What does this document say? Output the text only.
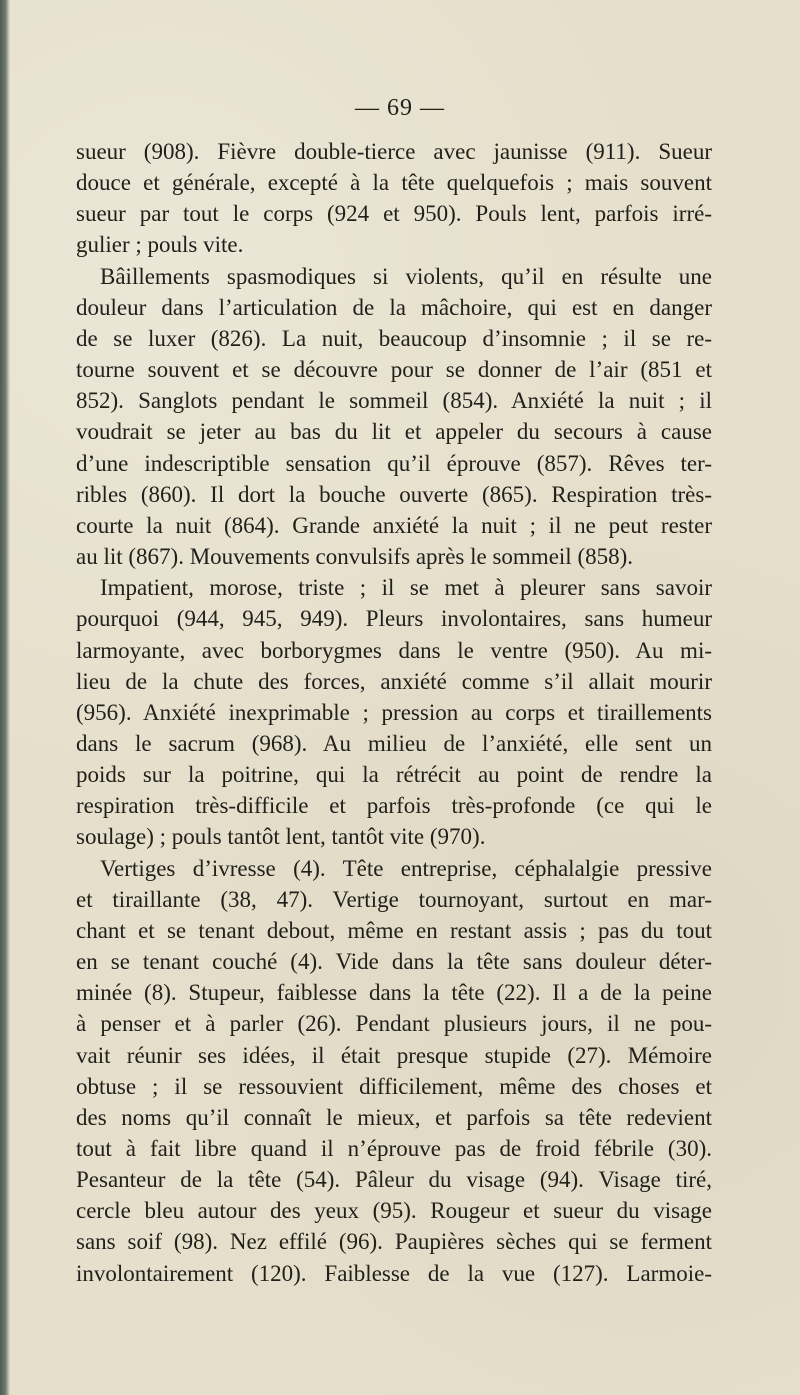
— 69 —
sueur (908). Fièvre double-tierce avec jaunisse (911). Sueur
douce et générale, excepté à la tête quelquefois ; mais souvent
sueur par tout le corps (924 et 950). Pouls lent, parfois irré-
gulier ; pouls vite.
Bâillements spasmodiques si violents, qu’il en résulte une
douleur dans l’articulation de la mâchoire, qui est en danger
de se luxer (826). La nuit, beaucoup d’insomnie ; il se re-
tourne souvent et se découvre pour se donner de l’air (851 et
852). Sanglots pendant le sommeil (854). Anxiété la nuit ; il
voudrait se jeter au bas du lit et appeler du secours à cause
d’une indescriptible sensation qu’il éprouve (857). Rêves ter-
ribles (860). Il dort la bouche ouverte (865). Respiration très-
courte la nuit (864). Grande anxiété la nuit ; il ne peut rester
au lit (867). Mouvements convulsifs après le sommeil (858).
Impatient, morose, triste ; il se met à pleurer sans savoir
pourquoi (944, 945, 949). Pleurs involontaires, sans humeur
larmoyante, avec borborygmes dans le ventre (950). Au mi-
lieu de la chute des forces, anxiété comme s’il allait mourir
(956). Anxiété inexprimable ; pression au corps et tiraillements
dans le sacrum (968). Au milieu de l’anxiété, elle sent un
poids sur la poitrine, qui la rétrécit au point de rendre la
respiration très-difficile et parfois très-profonde (ce qui le
soulage) ; pouls tantôt lent, tantôt vite (970).
Vertiges d’ivresse (4). Tête entreprise, céphalalgie pressive
et tiraillante (38, 47). Vertige tournoyant, surtout en mar-
chant et se tenant debout, même en restant assis ; pas du tout
en se tenant couché (4). Vide dans la tête sans douleur déter-
minée (8). Stupeur, faiblesse dans la tête (22). Il a de la peine
à penser et à parler (26). Pendant plusieurs jours, il ne pou-
vait réunir ses idées, il était presque stupide (27). Mémoire
obtuse ; il se ressouvient difficilement, même des choses et
des noms qu’il connaît le mieux, et parfois sa tête redevient
tout à fait libre quand il n’éprouve pas de froid fébrile (30).
Pesanteur de la tête (54). Pâleur du visage (94). Visage tiré,
cercle bleu autour des yeux (95). Rougeur et sueur du visage
sans soif (98). Nez effilé (96). Paupières sèches qui se ferment
involontairement (120). Faiblesse de la vue (127). Larmoie-
